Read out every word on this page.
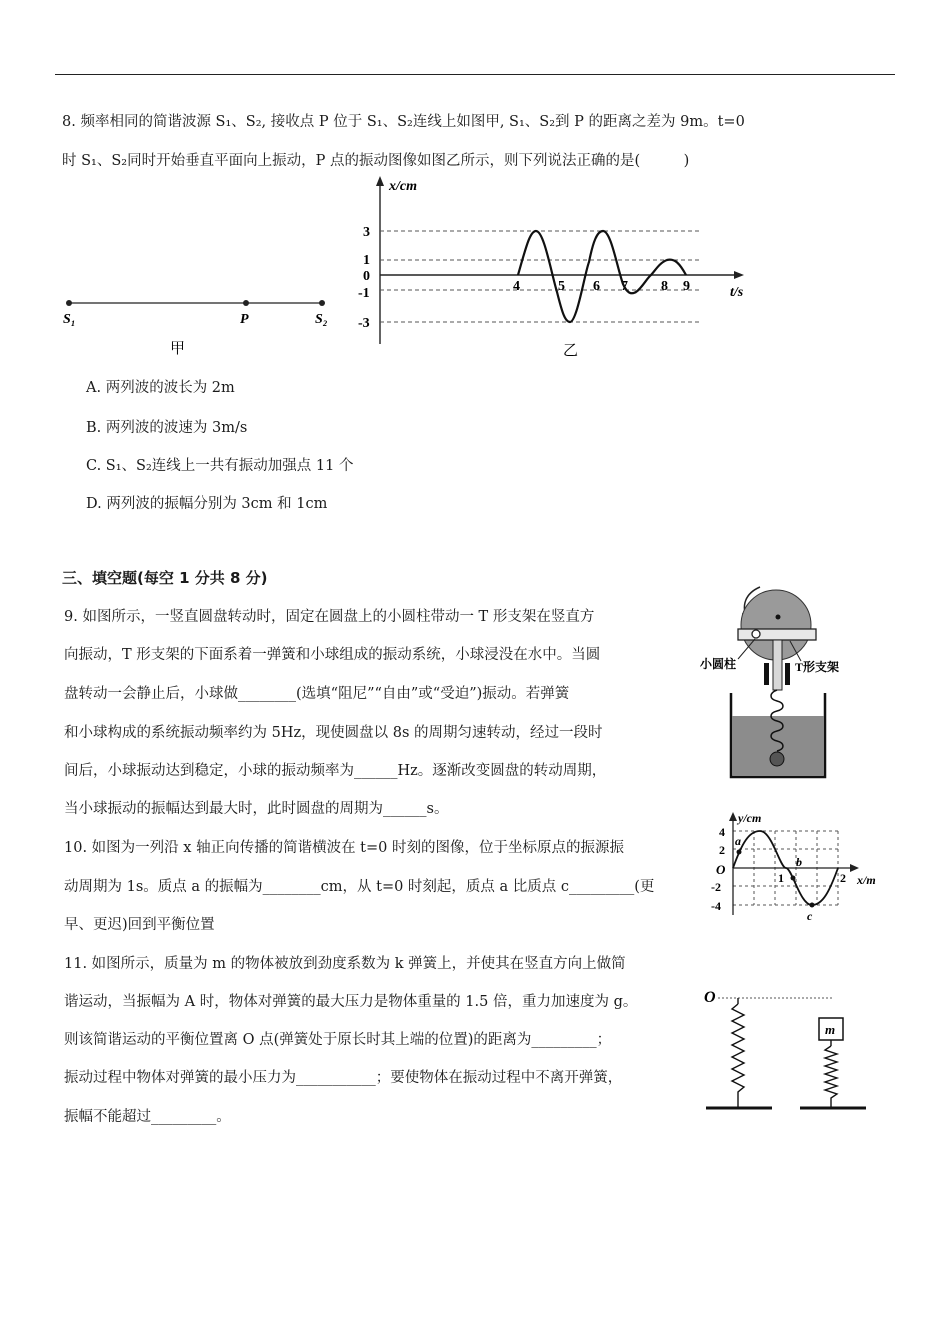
8. 频率相同的简谐波源 S₁、S₂, 接收点 P 位于 S₁、S₂连线上如图甲, S₁、S₂到 P 的距离之差为 9m。t=0
时 S₁、S₂同时开始垂直平面向上振动，P 点的振动图像如图乙所示，则下列说法正确的是(　　　)
S₁	P	S₂
甲
x/cm
t/s
3
1
0
-1
-3
4	5 6 7 8 9
乙
A. 两列波的波长为 2m
B. 两列波的波速为 3m/s
C. S₁、S₂连线上一共有振动加强点 11 个
D. 两列波的振幅分别为 3cm 和 1cm
三、填空题(每空 1 分共 8 分)
9. 如图所示，一竖直圆盘转动时，固定在圆盘上的小圆柱带动一 T 形支架在竖直方
向振动，T 形支架的下面系着一弹簧和小球组成的振动系统，小球浸没在水中。当圆
盘转动一会静止后，小球做________(选填“阻尼”“自由”或“受迫”)振动。若弹簧
和小球构成的系统振动频率约为 5Hz，现使圆盘以 8s 的周期匀速转动，经过一段时
间后，小球振动达到稳定，小球的振动频率为______Hz。逐渐改变圆盘的转动周期，
当小球振动的振幅达到最大时，此时圆盘的周期为______s。
小圆柱	T形支架
10. 如图为一列沿 x 轴正向传播的简谐横波在 t=0 时刻的图像，位于坐标原点的振源振
动周期为 1s。质点 a 的振幅为________cm，从 t=0 时刻起，质点 a 比质点 c_________(更
早、更迟)回到平衡位置
y/cm
x/m
O
4
2
-2
-4
1	2
a
b
c
11. 如图所示，质量为 m 的物体被放到劲度系数为 k 弹簧上，并使其在竖直方向上做简
谐运动，当振幅为 A 时，物体对弹簧的最大压力是物体重量的 1.5 倍，重力加速度为 g。
则该简谐运动的平衡位置离 O 点(弹簧处于原长时其上端的位置)的距离为_________；
振动过程中物体对弹簧的最小压力为___________；要使物体在振动过程中不离开弹簧，
振幅不能超过_________。
O
m
